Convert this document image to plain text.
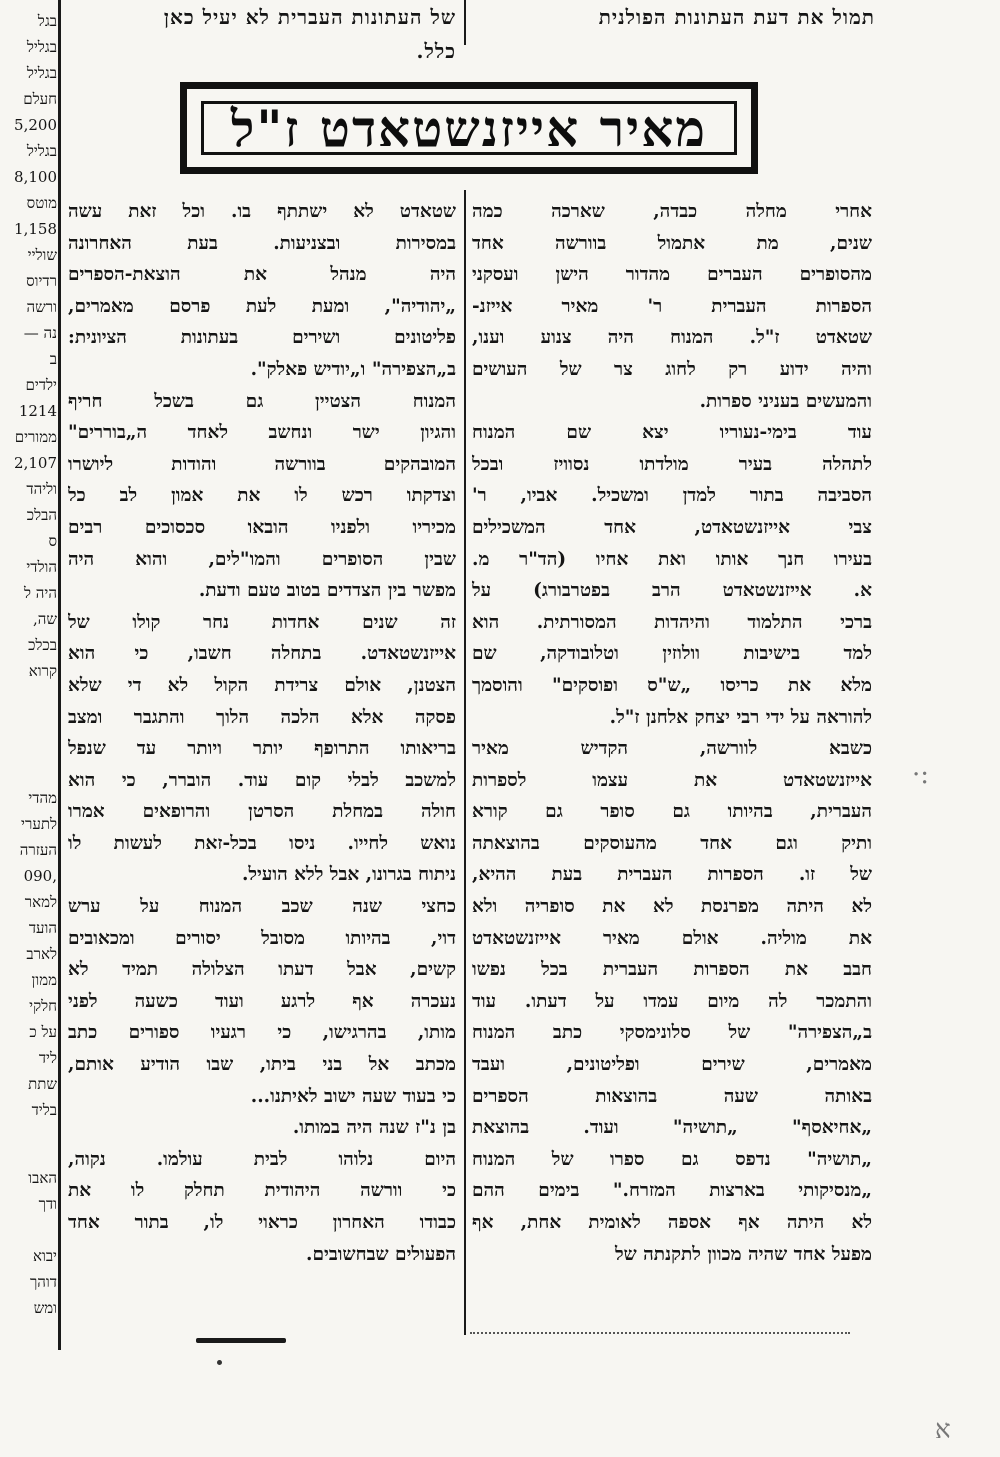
תמול את דעת העתונות הפולנית
של העתונות העברית לא יעיל כאן
כלל.
בגל
בגליל
בגליל
חעלם
5,200
בגליל
8,100
מוטס
1,158
שוליי
רדיוס
ורשה
נה —
ב
ילדים
1214
ממורים
2,107
וליהד
הבלכ
ס
הולדי
היה ל
שה,
בכלכ
קרוא
מהדי
לתערי
העזרה
,090
למאר
הועד
לארב
ממון
חלקי
על כ
ליד
שתת
בליד
האבו
ודך
יבוא
דוהך
ומש
מאיר אייזנשטאדט ז"ל
אחרי מחלה כבדה, שארכה כמה
שנים, מת אתמול בוורשה אחד
מהסופרים העברים מהדור הישן ועסקני
הספרות העברית ר' מאיר אייזנ-
שטאדט ז"ל. המנוח היה צנוע וענו,
והיה ידוע רק לחוג צר של העושים
והמעשים בעניני ספרות.
עוד בימי-נעוריו יצא שם המנוח
לתהלה בעיר מולדתו נסוויז ובכל
הסביבה בתור למדן ומשכיל. אביו, ר'
צבי אייזנשטאדט, אחד המשכילים
בעירו חנך אותו ואת אחיו (הד"ר מ.
א. אייזנשטאדט הרב בפטרבורג) על
ברכי התלמוד והיהדות המסורתית. הוא
למד בישיבות וולוזין וטלובודקה, שם
מלא את כריסו „ש"ס ופוסקים" והוסמך
להוראה על ידי רבי יצחק אלחנן ז"ל.
כשבא לוורשה, הקדיש מאיר
אייזנשטאדט את עצמו לספרות
העברית, בהיותו גם סופר גם קורא
ותיק וגם אחד מהעוסקים בהוצאתה
של זו. הספרות העברית בעת ההיא,
לא היתה מפרנסת לא את סופריה ולא
את מוליה. אולם מאיר אייזנשטאדט
חבב את הספרות העברית בכל נפשו
והתמכר לה מיום עמדו על דעתו. עוד
ב„הצפירה" של סלונימסקי כתב המנוח
מאמרים, שירים ופליטונים, ועבד
באותה שעה בהוצאות הספרים
„אחיאסף" „תושיה" ועוד. בהוצאת
„תושיה" נדפס גם ספרו של המנוח
„מנסיקותי בארצות המזרח." בימים ההם
לא היתה אף אספה לאומית אחת, אף
מפעל אחד שהיה מכוון לתקנתה של
שטאדט לא ישתתף בו. וכל זאת עשה
במסירות ובצניעות. בעת האחרונה
היה מנהל את הוצאת-הספרים
„יהודיה", ומעת לעת פרסם מאמרים,
פליטונים ושירים בעתונות הציונית:
ב„הצפירה" ו„יודיש פאלק".
המנוח הצטיין גם בשכל חריף
והגיון ישר ונחשב לאחד ה„בוררים"
המובהקים בוורשה והודות ליושרו
וצדקתו רכש לו את אמון לב כל
מכיריו ולפניו הובאו סכסוכים רבים
שבין הסופרים והמו"לים, והוא היה
מפשר בין הצדדים בטוב טעם ודעת.
זה שנים אחדות נחר קולו של
אייזנשטאדט. בתחלה חשבו, כי הוא
הצטנן, אולם צרידת הקול לא די שלא
פסקה אלא הלכה הלוך והתגבר ומצב
בריאותו התרופף יותר ויותר עד שנפל
למשכב לבלי קום עוד. הוברר, כי הוא
חולה במחלת הסרטן והרופאים אמרו
נואש לחייו. ניסו בכל-זאת לעשות לו
ניתוח בגרונו, אבל ללא הועיל.
כחצי שנה שכב המנוח על ערש
דוי, בהיותו מסובל יסורים ומכאובים
קשים, אבל דעתו הצלולה תמיד לא
נעכרה אף לרגע ועוד כשעה לפני
מותו, בהרגישו, כי רגעיו ספורים כתב
מכתב אל בני ביתו, שבו הודיע אותם,
כי בעוד שעה ישוב לאיתנו...
בן נ"ז שנה היה במותו.
היום נלוהו לבית עולמו. נקוה,
כי וורשה היהודית תחלק לו את
כבודו האחרון כראוי לו, בתור אחד
הפעולים שבחשובים.
·:
ﬡ
